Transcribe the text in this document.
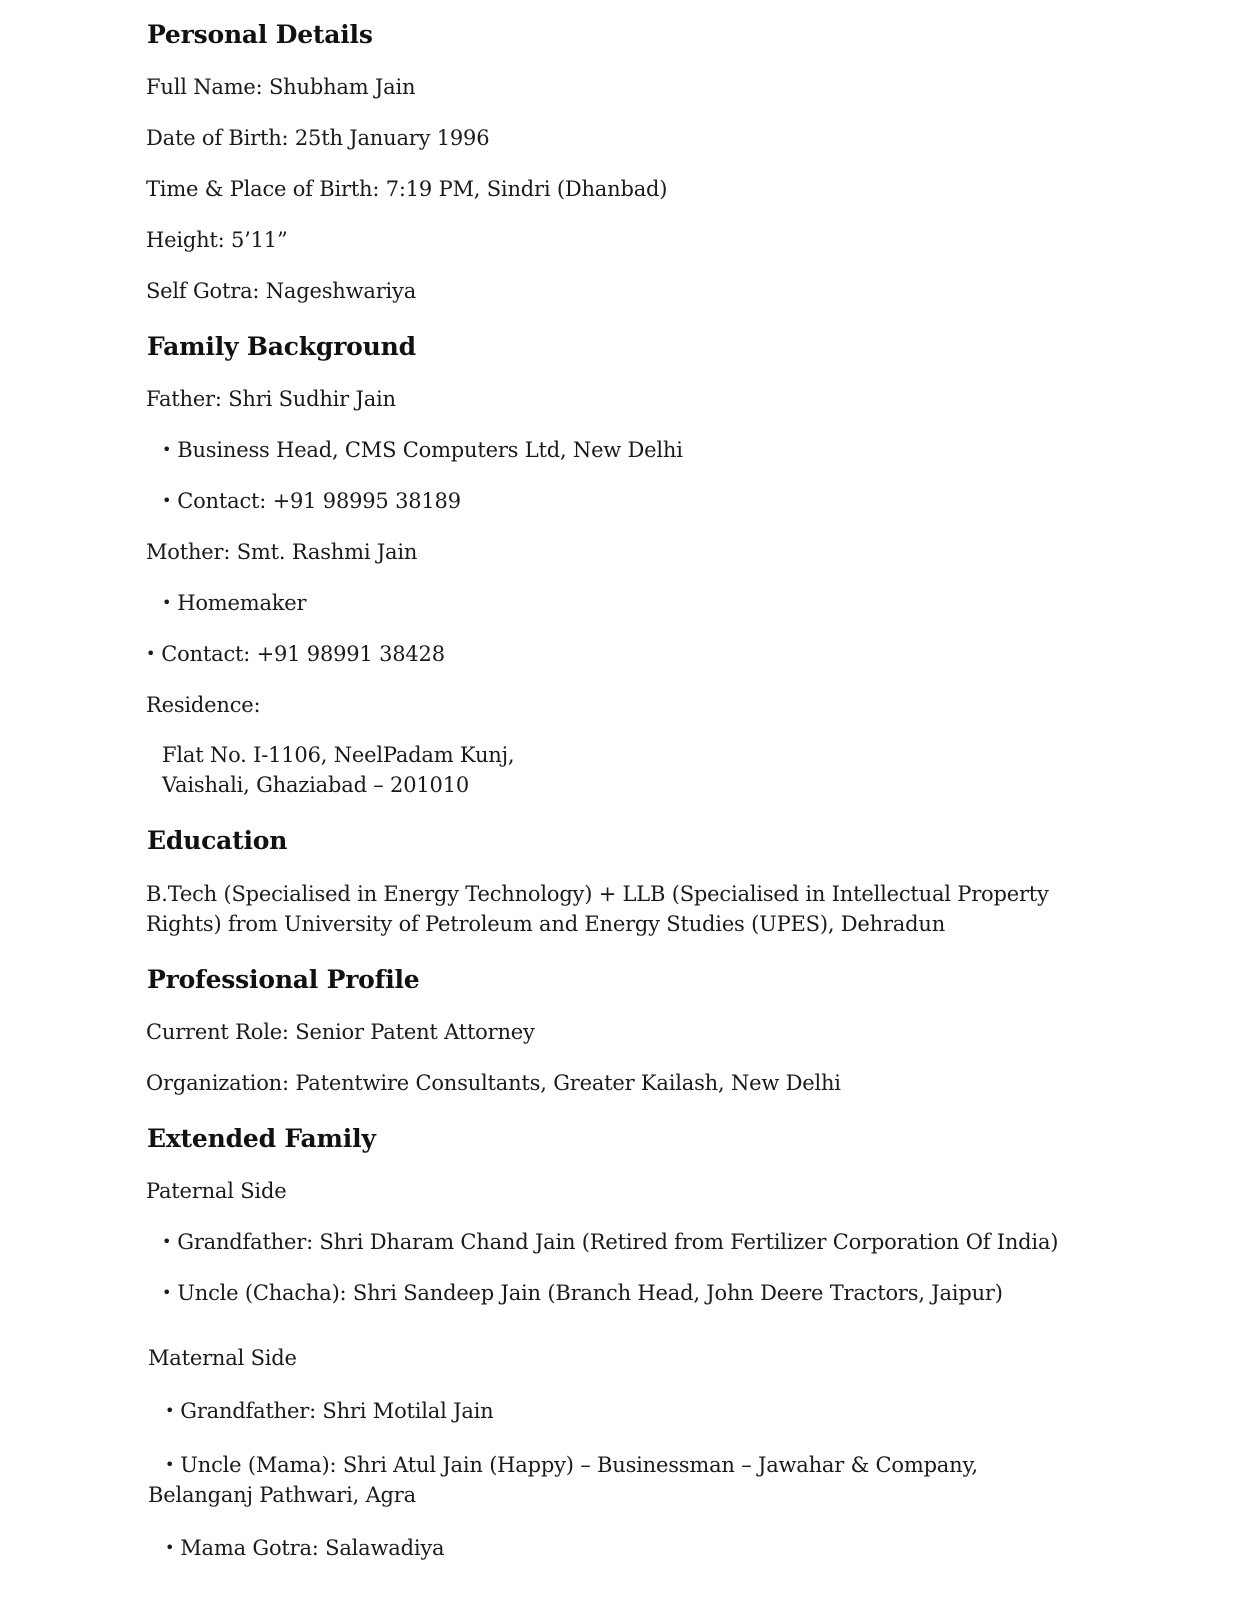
Personal Details
Full Name: Shubham Jain
Date of Birth: 25th January 1996
Time & Place of Birth: 7:19 PM, Sindri (Dhanbad)
Height: 5’11”
Self Gotra: Nageshwariya
Family Background
Father: Shri Sudhir Jain
• Business Head, CMS Computers Ltd, New Delhi
• Contact: +91 98995 38189
Mother: Smt. Rashmi Jain
• Homemaker
• Contact: +91 98991 38428
Residence:
Flat No. I-1106, NeelPadam Kunj,
Vaishali, Ghaziabad – 201010
Education
B.Tech (Specialised in Energy Technology) + LLB (Specialised in Intellectual Property
Rights) from University of Petroleum and Energy Studies (UPES), Dehradun
Professional Profile
Current Role: Senior Patent Attorney
Organization: Patentwire Consultants, Greater Kailash, New Delhi
Extended Family
Paternal Side
• Grandfather: Shri Dharam Chand Jain (Retired from Fertilizer Corporation Of India)
• Uncle (Chacha): Shri Sandeep Jain (Branch Head, John Deere Tractors, Jaipur)
Maternal Side
• Grandfather: Shri Motilal Jain
• Uncle (Mama): Shri Atul Jain (Happy) – Businessman – Jawahar & Company,
Belanganj Pathwari, Agra
• Mama Gotra: Salawadiya
